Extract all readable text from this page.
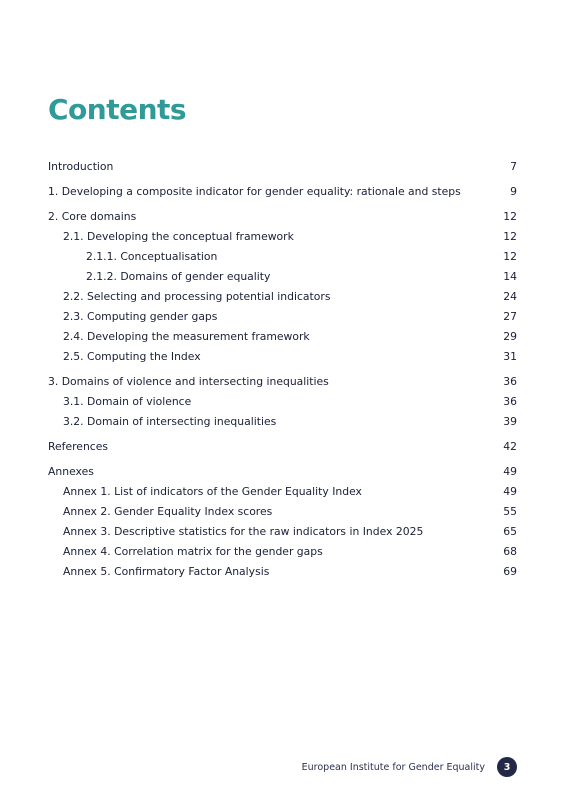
Contents
Introduction	7
1. Developing a composite indicator for gender equality: rationale and steps	9
2. Core domains	12
2.1. Developing the conceptual framework	12
2.1.1. Conceptualisation	12
2.1.2. Domains of gender equality	14
2.2. Selecting and processing potential indicators	24
2.3. Computing gender gaps	27
2.4. Developing the measurement framework	29
2.5. Computing the Index	31
3. Domains of violence and intersecting inequalities	36
3.1. Domain of violence	36
3.2. Domain of intersecting inequalities	39
References	42
Annexes	49
Annex 1. List of indicators of the Gender Equality Index	49
Annex 2. Gender Equality Index scores	55
Annex 3. Descriptive statistics for the raw indicators in Index 2025	65
Annex 4. Correlation matrix for the gender gaps	68
Annex 5. Confirmatory Factor Analysis	69
European Institute for Gender Equality	3
